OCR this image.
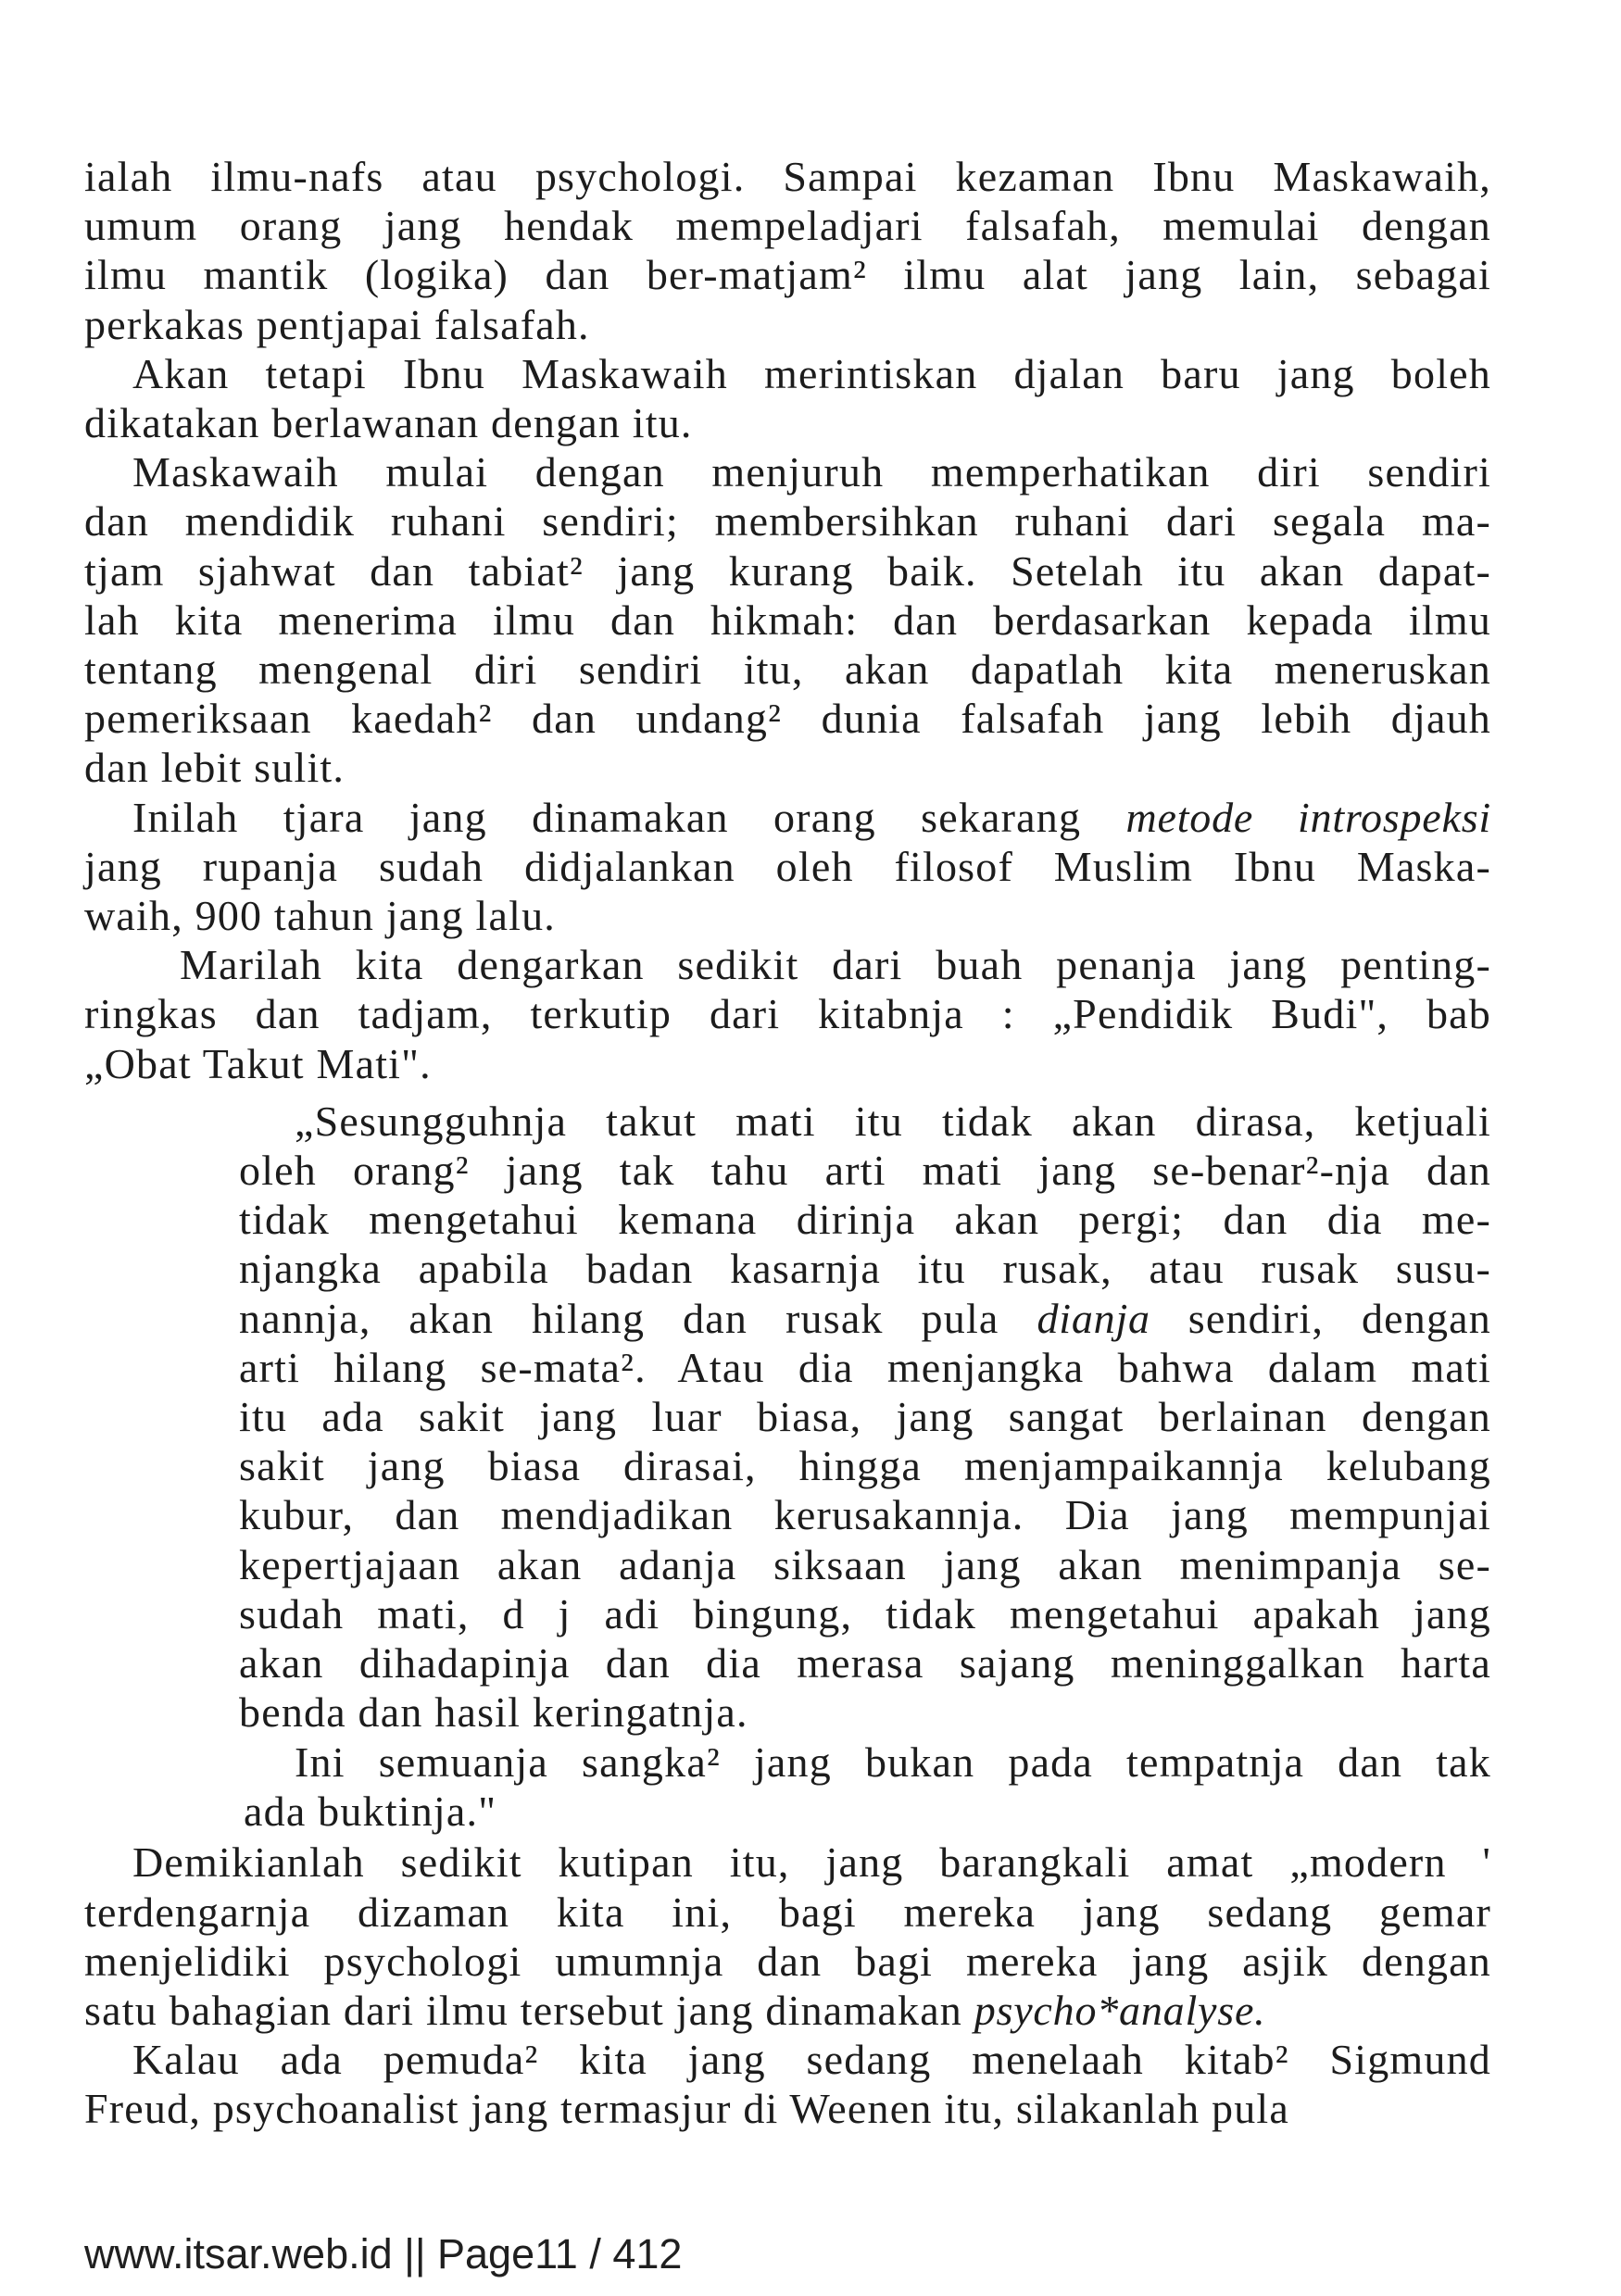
ialah ilmu-nafs atau psychologi. Sampai kezaman Ibnu Maskawaih,
umum orang jang hendak mempeladjari falsafah, memulai dengan
ilmu mantik (logika) dan ber-matjam² ilmu alat jang lain, sebagai
perkakas pentjapai falsafah.
Akan tetapi Ibnu Maskawaih merintiskan djalan baru jang boleh
dikatakan berlawanan dengan itu.
Maskawaih mulai dengan menjuruh memperhatikan diri sendiri
dan mendidik ruhani sendiri; membersihkan ruhani dari segala ma-
tjam sjahwat dan tabiat² jang kurang baik. Setelah itu akan dapat-
lah kita menerima ilmu dan hikmah: dan berdasarkan kepada ilmu
tentang mengenal diri sendiri itu, akan dapatlah kita meneruskan
pemeriksaan kaedah² dan undang² dunia falsafah jang lebih djauh
dan lebit sulit.
Inilah tjara jang dinamakan orang sekarang metode introspeksi
jang rupanja sudah didjalankan oleh filosof Muslim Ibnu Maska-
waih, 900 tahun jang lalu.
Marilah kita dengarkan sedikit dari buah penanja jang penting-
ringkas dan tadjam, terkutip dari kitabnja : „Pendidik Budi", bab
„Obat Takut Mati".
„Sesungguhnja takut mati itu tidak akan dirasa, ketjuali
oleh orang² jang tak tahu arti mati jang se-benar²-nja dan
tidak mengetahui kemana dirinja akan pergi; dan dia me-
njangka apabila badan kasarnja itu rusak, atau rusak susu-
nannja, akan hilang dan rusak pula dianja sendiri, dengan
arti hilang se-mata². Atau dia menjangka bahwa dalam mati
itu ada sakit jang luar biasa, jang sangat berlainan dengan
sakit jang biasa dirasai, hingga menjampaikannja kelubang
kubur, dan mendjadikan kerusakannja. Dia jang mempunjai
kepertjajaan akan adanja siksaan jang akan menimpanja se-
sudah mati, d j adi bingung, tidak mengetahui apakah jang
akan dihadapinja dan dia merasa sajang meninggalkan harta
benda dan hasil keringatnja.
Ini semuanja sangka² jang bukan pada tempatnja dan tak
ada buktinja."
Demikianlah sedikit kutipan itu, jang barangkali amat „modern '
terdengarnja dizaman kita ini, bagi mereka jang sedang gemar
menjelidiki psychologi umumnja dan bagi mereka jang asjik dengan
satu bahagian dari ilmu tersebut jang dinamakan psycho*analyse.
Kalau ada pemuda² kita jang sedang menelaah kitab² Sigmund
Freud, psychoanalist jang termasjur di Weenen itu, silakanlah pula
www.itsar.web.id || Page11 / 412
